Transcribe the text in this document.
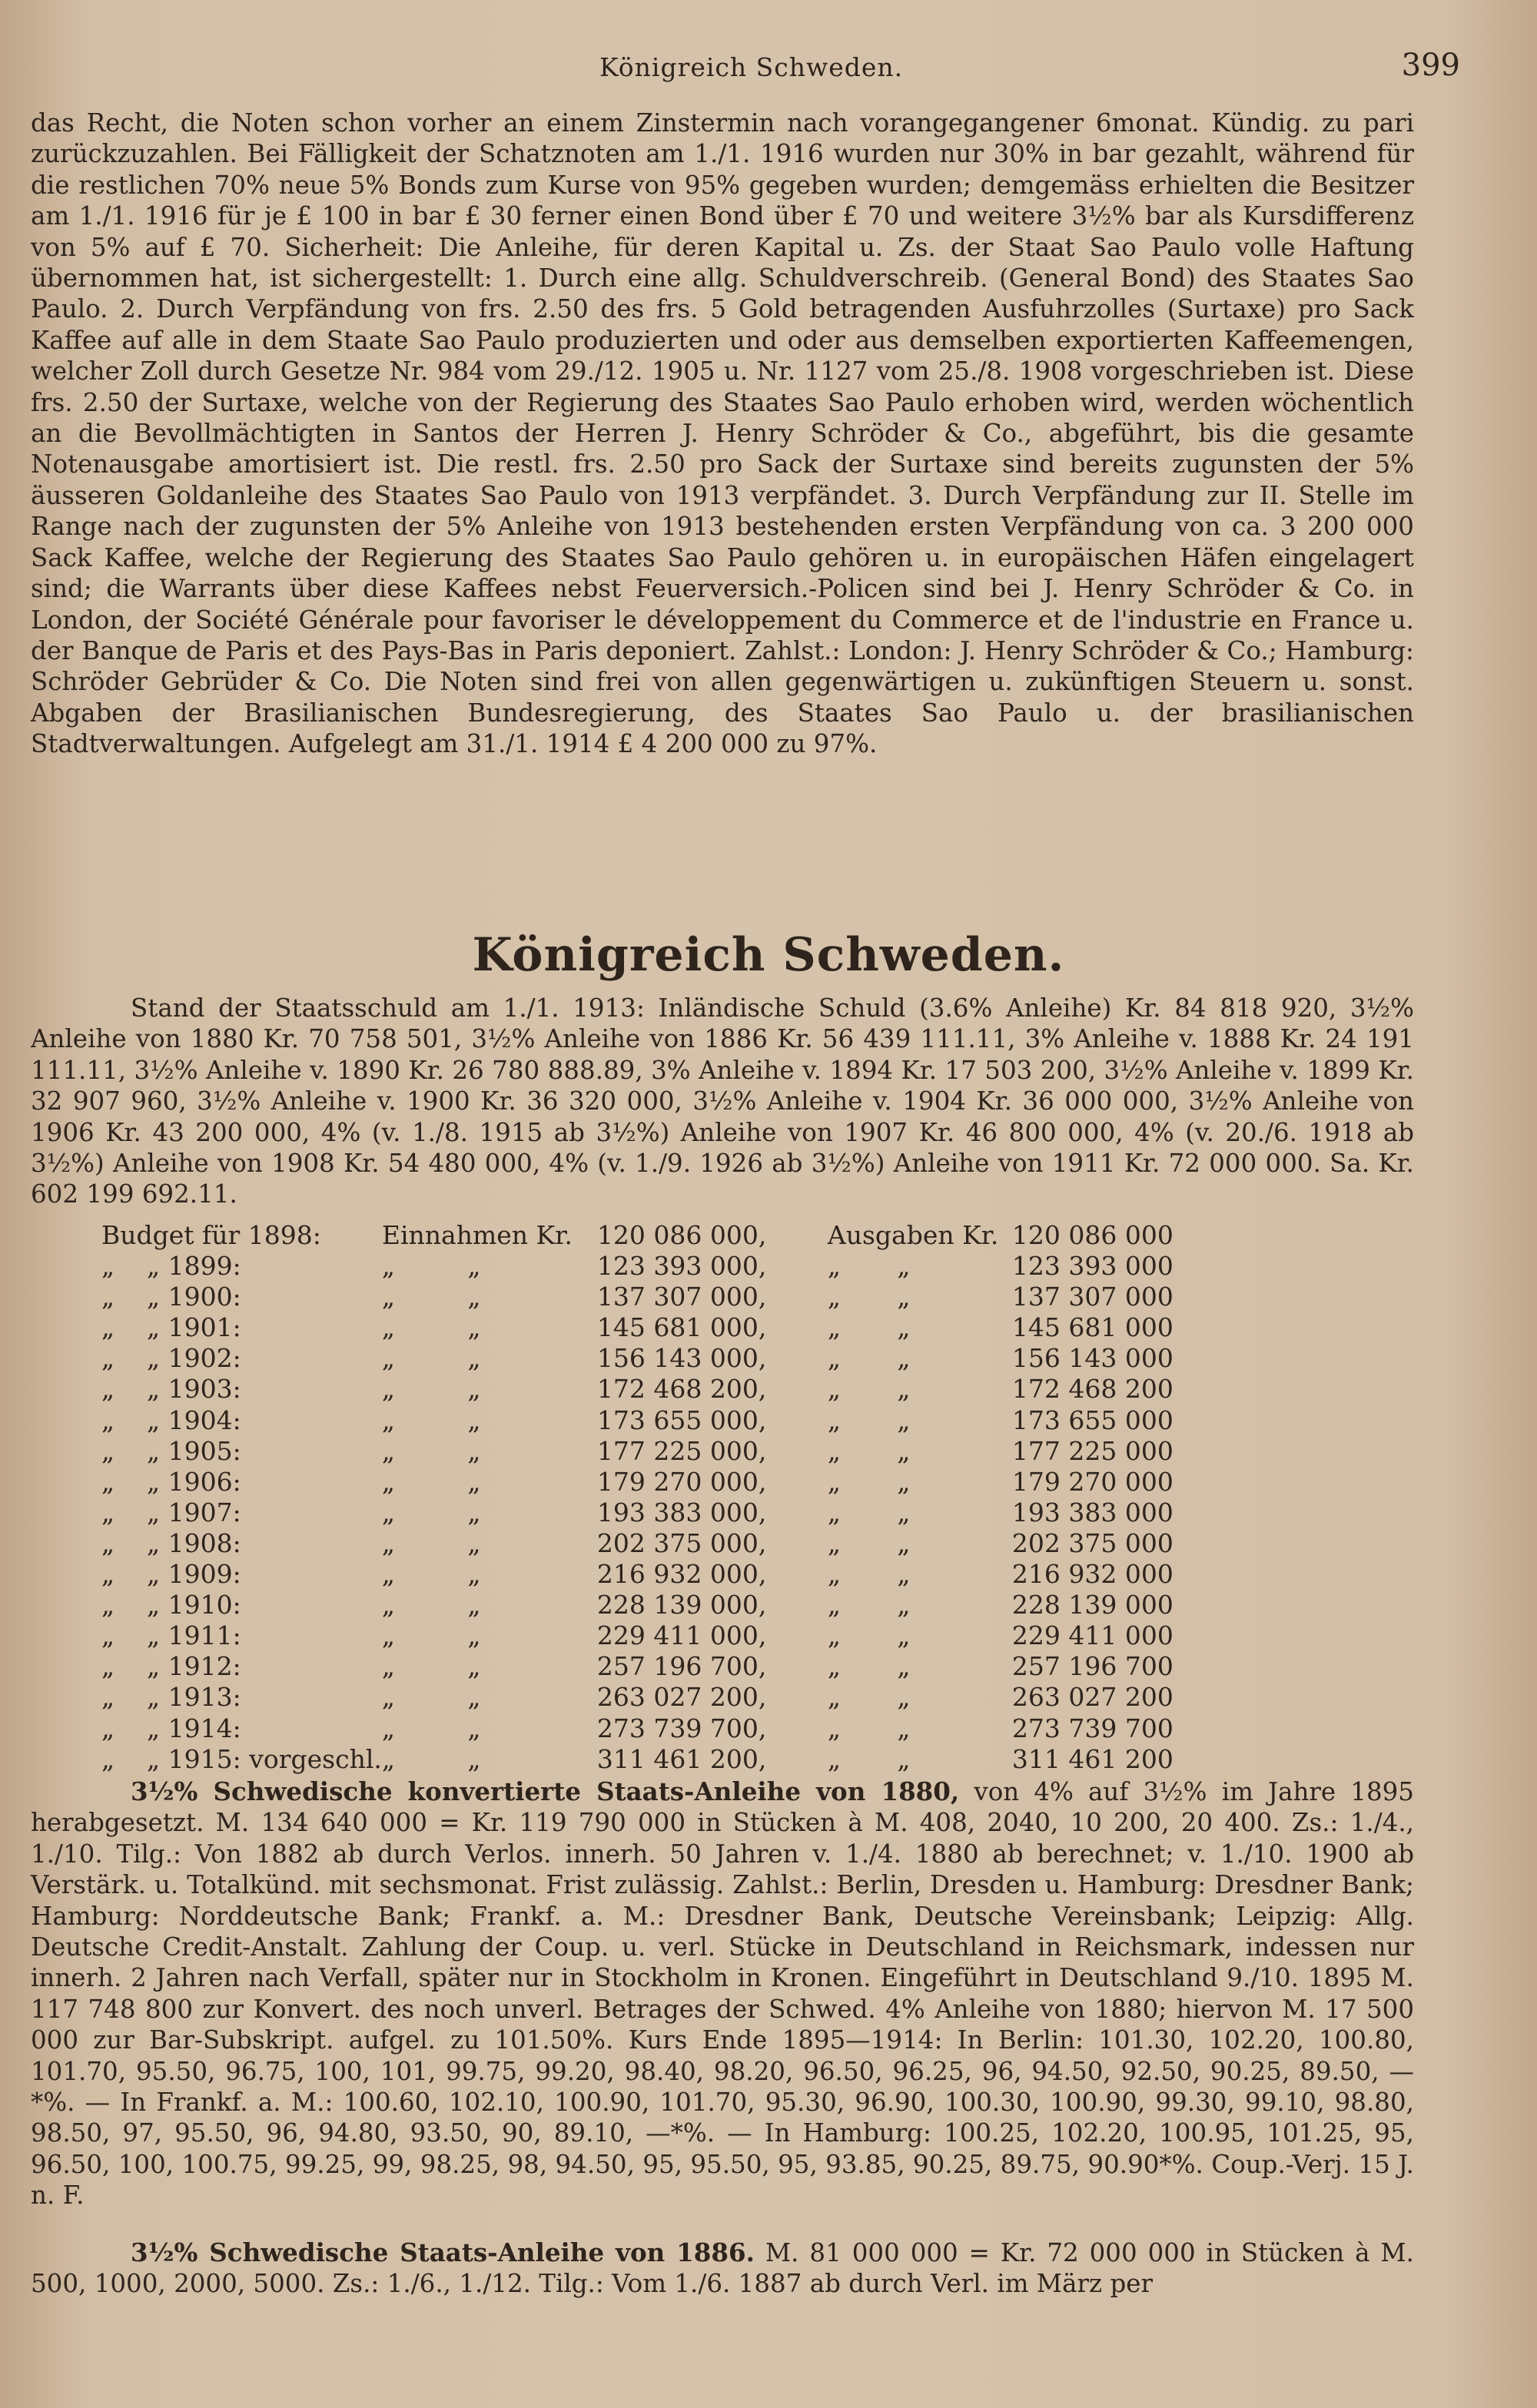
Königreich Schweden.	399

das Recht, die Noten schon vorher an einem Zinstermin nach vorangegangener 6monat. Kündig. zu pari zurückzuzahlen. Bei Fälligkeit der Schatznoten am 1./1. 1916 wurden nur 30% in bar gezahlt, während für die restlichen 70% neue 5% Bonds zum Kurse von 95% gegeben wurden; demgemäss erhielten die Besitzer am 1./1. 1916 für je £ 100 in bar £ 30 ferner einen Bond über £ 70 und weitere 3½% bar als Kursdifferenz von 5% auf £ 70. Sicherheit: Die Anleihe, für deren Kapital u. Zs. der Staat Sao Paulo volle Haftung übernommen hat, ist sichergestellt: 1. Durch eine allg. Schuldverschreib. (General Bond) des Staates Sao Paulo. 2. Durch Verpfändung von frs. 2.50 des frs. 5 Gold betragenden Ausfuhrzolles (Surtaxe) pro Sack Kaffee auf alle in dem Staate Sao Paulo produzierten und oder aus demselben exportierten Kaffeemengen, welcher Zoll durch Gesetze Nr. 984 vom 29./12. 1905 u. Nr. 1127 vom 25./8. 1908 vorgeschrieben ist. Diese frs. 2.50 der Surtaxe, welche von der Regierung des Staates Sao Paulo erhoben wird, werden wöchentlich an die Bevollmächtigten in Santos der Herren J. Henry Schröder & Co., abgeführt, bis die gesamte Notenausgabe amortisiert ist. Die restl. frs. 2.50 pro Sack der Surtaxe sind bereits zugunsten der 5% äusseren Goldanleihe des Staates Sao Paulo von 1913 verpfändet. 3. Durch Verpfändung zur II. Stelle im Range nach der zugunsten der 5% Anleihe von 1913 bestehenden ersten Verpfändung von ca. 3 200 000 Sack Kaffee, welche der Regierung des Staates Sao Paulo gehören u. in europäischen Häfen eingelagert sind; die Warrants über diese Kaffees nebst Feuerversich.-Policen sind bei J. Henry Schröder & Co. in London, der Société Générale pour favoriser le développement du Commerce et de l'industrie en France u. der Banque de Paris et des Pays-Bas in Paris deponiert. Zahlst.: London: J. Henry Schröder & Co.; Hamburg: Schröder Gebrüder & Co. Die Noten sind frei von allen gegenwärtigen u. zukünftigen Steuern u. sonst. Abgaben der Brasilianischen Bundesregierung, des Staates Sao Paulo u. der brasilianischen Stadtverwaltungen. Aufgelegt am 31./1. 1914 £ 4 200 000 zu 97%.

Königreich Schweden.

Stand der Staatsschuld am 1./1. 1913: Inländische Schuld (3.6% Anleihe) Kr. 84 818 920, 3½% Anleihe von 1880 Kr. 70 758 501, 3½% Anleihe von 1886 Kr. 56 439 111.11, 3% Anleihe v. 1888 Kr. 24 191 111.11, 3½% Anleihe v. 1890 Kr. 26 780 888.89, 3% Anleihe v. 1894 Kr. 17 503 200, 3½% Anleihe v. 1899 Kr. 32 907 960, 3½% Anleihe v. 1900 Kr. 36 320 000, 3½% Anleihe v. 1904 Kr. 36 000 000, 3½% Anleihe von 1906 Kr. 43 200 000, 4% (v. 1./8. 1915 ab 3½%) Anleihe von 1907 Kr. 46 800 000, 4% (v. 20./6. 1918 ab 3½%) Anleihe von 1908 Kr. 54 480 000, 4% (v. 1./9. 1926 ab 3½%) Anleihe von 1911 Kr. 72 000 000. Sa. Kr. 602 199 692.11.

Budget für 1898:	Einnahmen Kr.	120 086 000,	Ausgaben Kr.	120 086 000
„    „ 1899:	„         „	123 393 000,	„       „	123 393 000
„    „ 1900:	„         „	137 307 000,	„       „	137 307 000
„    „ 1901:	„         „	145 681 000,	„       „	145 681 000
„    „ 1902:	„         „	156 143 000,	„       „	156 143 000
„    „ 1903:	„         „	172 468 200,	„       „	172 468 200
„    „ 1904:	„         „	173 655 000,	„       „	173 655 000
„    „ 1905:	„         „	177 225 000,	„       „	177 225 000
„    „ 1906:	„         „	179 270 000,	„       „	179 270 000
„    „ 1907:	„         „	193 383 000,	„       „	193 383 000
„    „ 1908:	„         „	202 375 000,	„       „	202 375 000
„    „ 1909:	„         „	216 932 000,	„       „	216 932 000
„    „ 1910:	„         „	228 139 000,	„       „	228 139 000
„    „ 1911:	„         „	229 411 000,	„       „	229 411 000
„    „ 1912:	„         „	257 196 700,	„       „	257 196 700
„    „ 1913:	„         „	263 027 200,	„       „	263 027 200
„    „ 1914:	„         „	273 739 700,	„       „	273 739 700
„    „ 1915: vorgeschl.	„         „	311 461 200,	„       „	311 461 200

3½% Schwedische konvertierte Staats-Anleihe von 1880, von 4% auf 3½% im Jahre 1895 herabgesetzt. M. 134 640 000 = Kr. 119 790 000 in Stücken à M. 408, 2040, 10 200, 20 400. Zs.: 1./4., 1./10. Tilg.: Von 1882 ab durch Verlos. innerh. 50 Jahren v. 1./4. 1880 ab berechnet; v. 1./10. 1900 ab Verstärk. u. Totalkünd. mit sechsmonat. Frist zulässig. Zahlst.: Berlin, Dresden u. Hamburg: Dresdner Bank; Hamburg: Norddeutsche Bank; Frankf. a. M.: Dresdner Bank, Deutsche Vereinsbank; Leipzig: Allg. Deutsche Credit-Anstalt. Zahlung der Coup. u. verl. Stücke in Deutschland in Reichsmark, indessen nur innerh. 2 Jahren nach Verfall, später nur in Stockholm in Kronen. Eingeführt in Deutschland 9./10. 1895 M. 117 748 800 zur Konvert. des noch unverl. Betrages der Schwed. 4% Anleihe von 1880; hiervon M. 17 500 000 zur Bar-Subskript. aufgel. zu 101.50%. Kurs Ende 1895—1914: In Berlin: 101.30, 102.20, 100.80, 101.70, 95.50, 96.75, 100, 101, 99.75, 99.20, 98.40, 98.20, 96.50, 96.25, 96, 94.50, 92.50, 90.25, 89.50, —*%. — In Frankf. a. M.: 100.60, 102.10, 100.90, 101.70, 95.30, 96.90, 100.30, 100.90, 99.30, 99.10, 98.80, 98.50, 97, 95.50, 96, 94.80, 93.50, 90, 89.10, —*%. — In Hamburg: 100.25, 102.20, 100.95, 101.25, 95, 96.50, 100, 100.75, 99.25, 99, 98.25, 98, 94.50, 95, 95.50, 95, 93.85, 90.25, 89.75, 90.90*%. Coup.-Verj. 15 J. n. F.

3½% Schwedische Staats-Anleihe von 1886. M. 81 000 000 = Kr. 72 000 000 in Stücken à M. 500, 1000, 2000, 5000. Zs.: 1./6., 1./12. Tilg.: Vom 1./6. 1887 ab durch Verl. im März per
